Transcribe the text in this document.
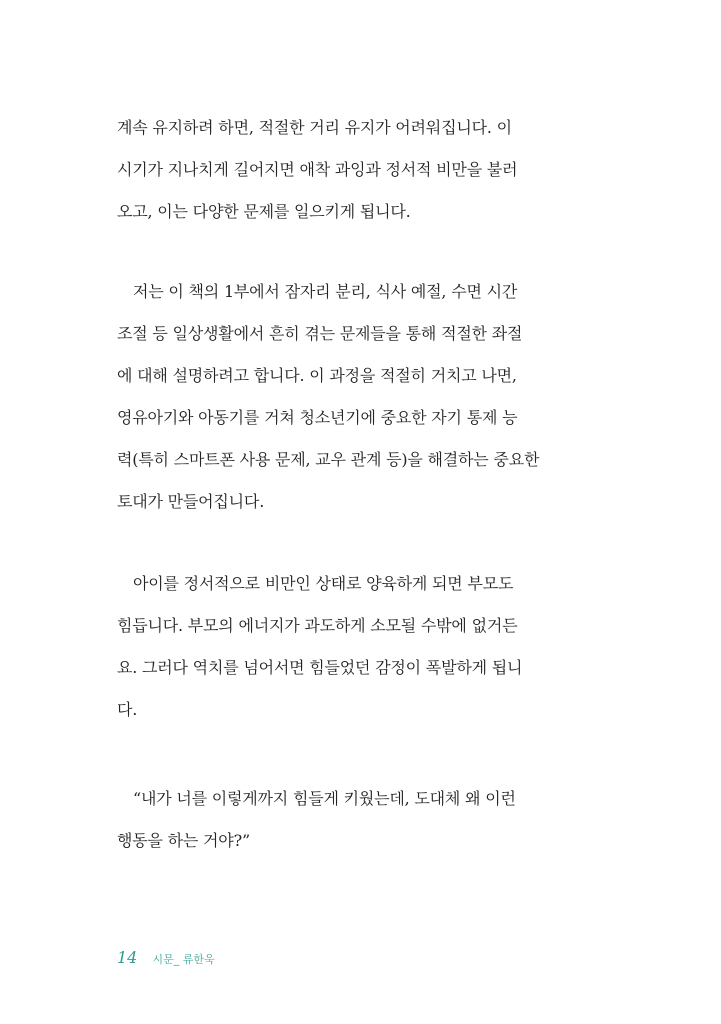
계속 유지하려 하면, 적절한 거리 유지가 어려워집니다. 이
시기가 지나치게 길어지면 애착 과잉과 정서적 비만을 불러
오고, 이는 다양한 문제를 일으키게 됩니다.
저는 이 책의 1부에서 잠자리 분리, 식사 예절, 수면 시간
조절 등 일상생활에서 흔히 겪는 문제들을 통해 적절한 좌절
에 대해 설명하려고 합니다. 이 과정을 적절히 거치고 나면,
영유아기와 아동기를 거쳐 청소년기에 중요한 자기 통제 능
력(특히 스마트폰 사용 문제, 교우 관계 등)을 해결하는 중요한
토대가 만들어집니다.
아이를 정서적으로 비만인 상태로 양육하게 되면 부모도
힘듭니다. 부모의 에너지가 과도하게 소모될 수밖에 없거든
요. 그러다 역치를 넘어서면 힘들었던 감정이 폭발하게 됩니
다.
“내가 너를 이렇게까지 힘들게 키웠는데, 도대체 왜 이런
행동을 하는 거야?”
14 시문_ 류한욱
